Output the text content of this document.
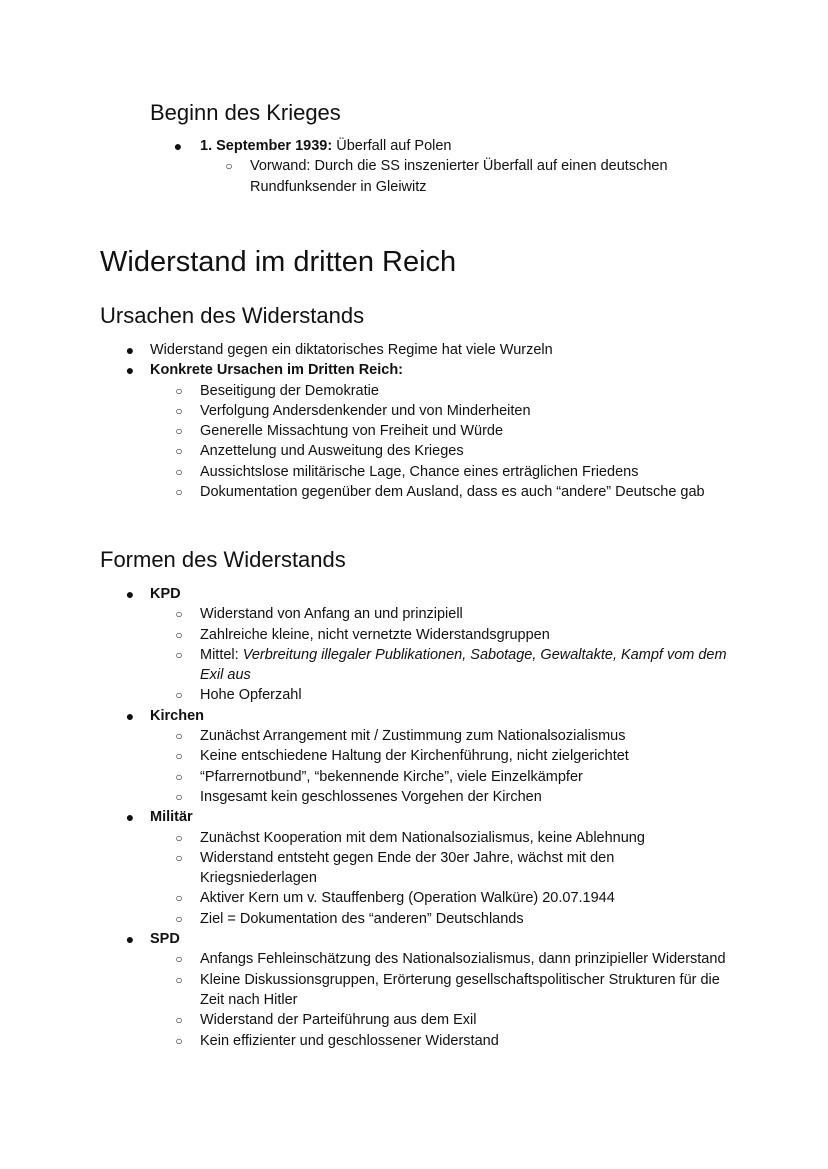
Beginn des Krieges
● 1. September 1939: Überfall auf Polen
○ Vorwand: Durch die SS inszenierter Überfall auf einen deutschen Rundfunksender in Gleiwitz
Widerstand im dritten Reich
Ursachen des Widerstands
● Widerstand gegen ein diktatorisches Regime hat viele Wurzeln
● Konkrete Ursachen im Dritten Reich:
○ Beseitigung der Demokratie
○ Verfolgung Andersdenkender und von Minderheiten
○ Generelle Missachtung von Freiheit und Würde
○ Anzettelung und Ausweitung des Krieges
○ Aussichtslose militärische Lage, Chance eines erträglichen Friedens
○ Dokumentation gegenüber dem Ausland, dass es auch “andere” Deutsche gab
Formen des Widerstands
● KPD
○ Widerstand von Anfang an und prinzipiell
○ Zahlreiche kleine, nicht vernetzte Widerstandsgruppen
○ Mittel: Verbreitung illegaler Publikationen, Sabotage, Gewaltakte, Kampf vom dem Exil aus
○ Hohe Opferzahl
● Kirchen
○ Zunächst Arrangement mit / Zustimmung zum Nationalsozialismus
○ Keine entschiedene Haltung der Kirchenführung, nicht zielgerichtet
○ “Pfarrernotbund”, “bekennende Kirche”, viele Einzelkämpfer
○ Insgesamt kein geschlossenes Vorgehen der Kirchen
● Militär
○ Zunächst Kooperation mit dem Nationalsozialismus, keine Ablehnung
○ Widerstand entsteht gegen Ende der 30er Jahre, wächst mit den Kriegsniederlagen
○ Aktiver Kern um v. Stauffenberg (Operation Walküre) 20.07.1944
○ Ziel = Dokumentation des “anderen” Deutschlands
● SPD
○ Anfangs Fehleinschätzung des Nationalsozialismus, dann prinzipieller Widerstand
○ Kleine Diskussionsgruppen, Erörterung gesellschaftspolitischer Strukturen für die Zeit nach Hitler
○ Widerstand der Parteiführung aus dem Exil
○ Kein effizienter und geschlossener Widerstand
